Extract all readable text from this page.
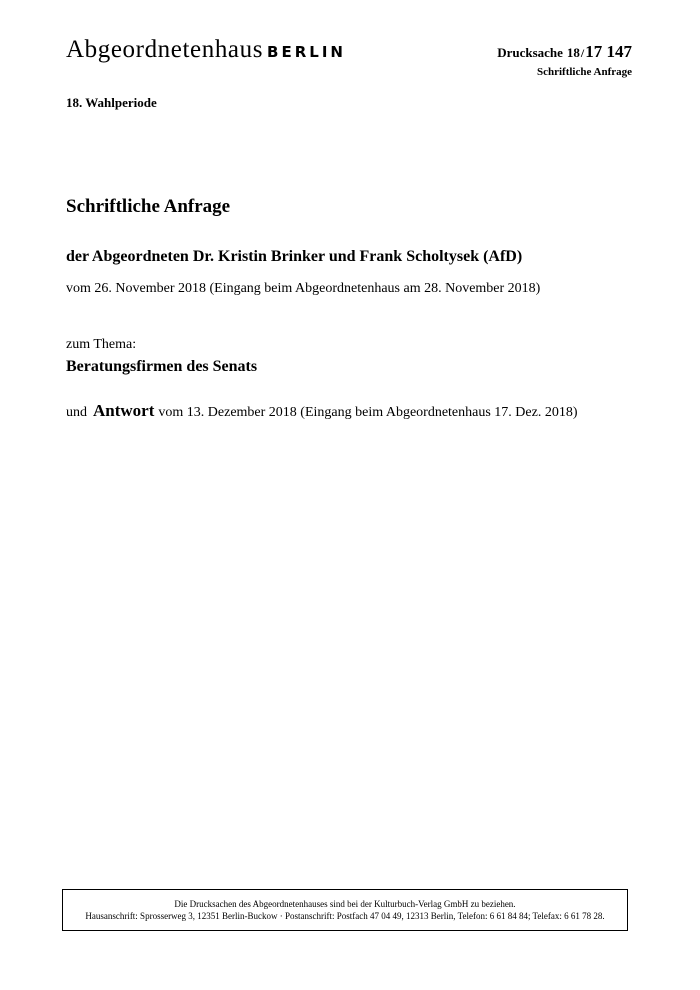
Abgeordnetenhaus BERLIN	Drucksache 18/17 147
Schriftliche Anfrage
18. Wahlperiode
Schriftliche Anfrage
der Abgeordneten Dr. Kristin Brinker und Frank Scholtysek (AfD)
vom 26. November 2018 (Eingang beim Abgeordnetenhaus am 28. November 2018)
zum Thema:
Beratungsfirmen des Senats
und Antwort vom 13. Dezember 2018 (Eingang beim Abgeordnetenhaus 17. Dez. 2018)
Die Drucksachen des Abgeordnetenhauses sind bei der Kulturbuch-Verlag GmbH zu beziehen.
Hausanschrift: Sprosserweg 3, 12351 Berlin-Buckow · Postanschrift: Postfach 47 04 49, 12313 Berlin, Telefon: 6 61 84 84; Telefax: 6 61 78 28.
